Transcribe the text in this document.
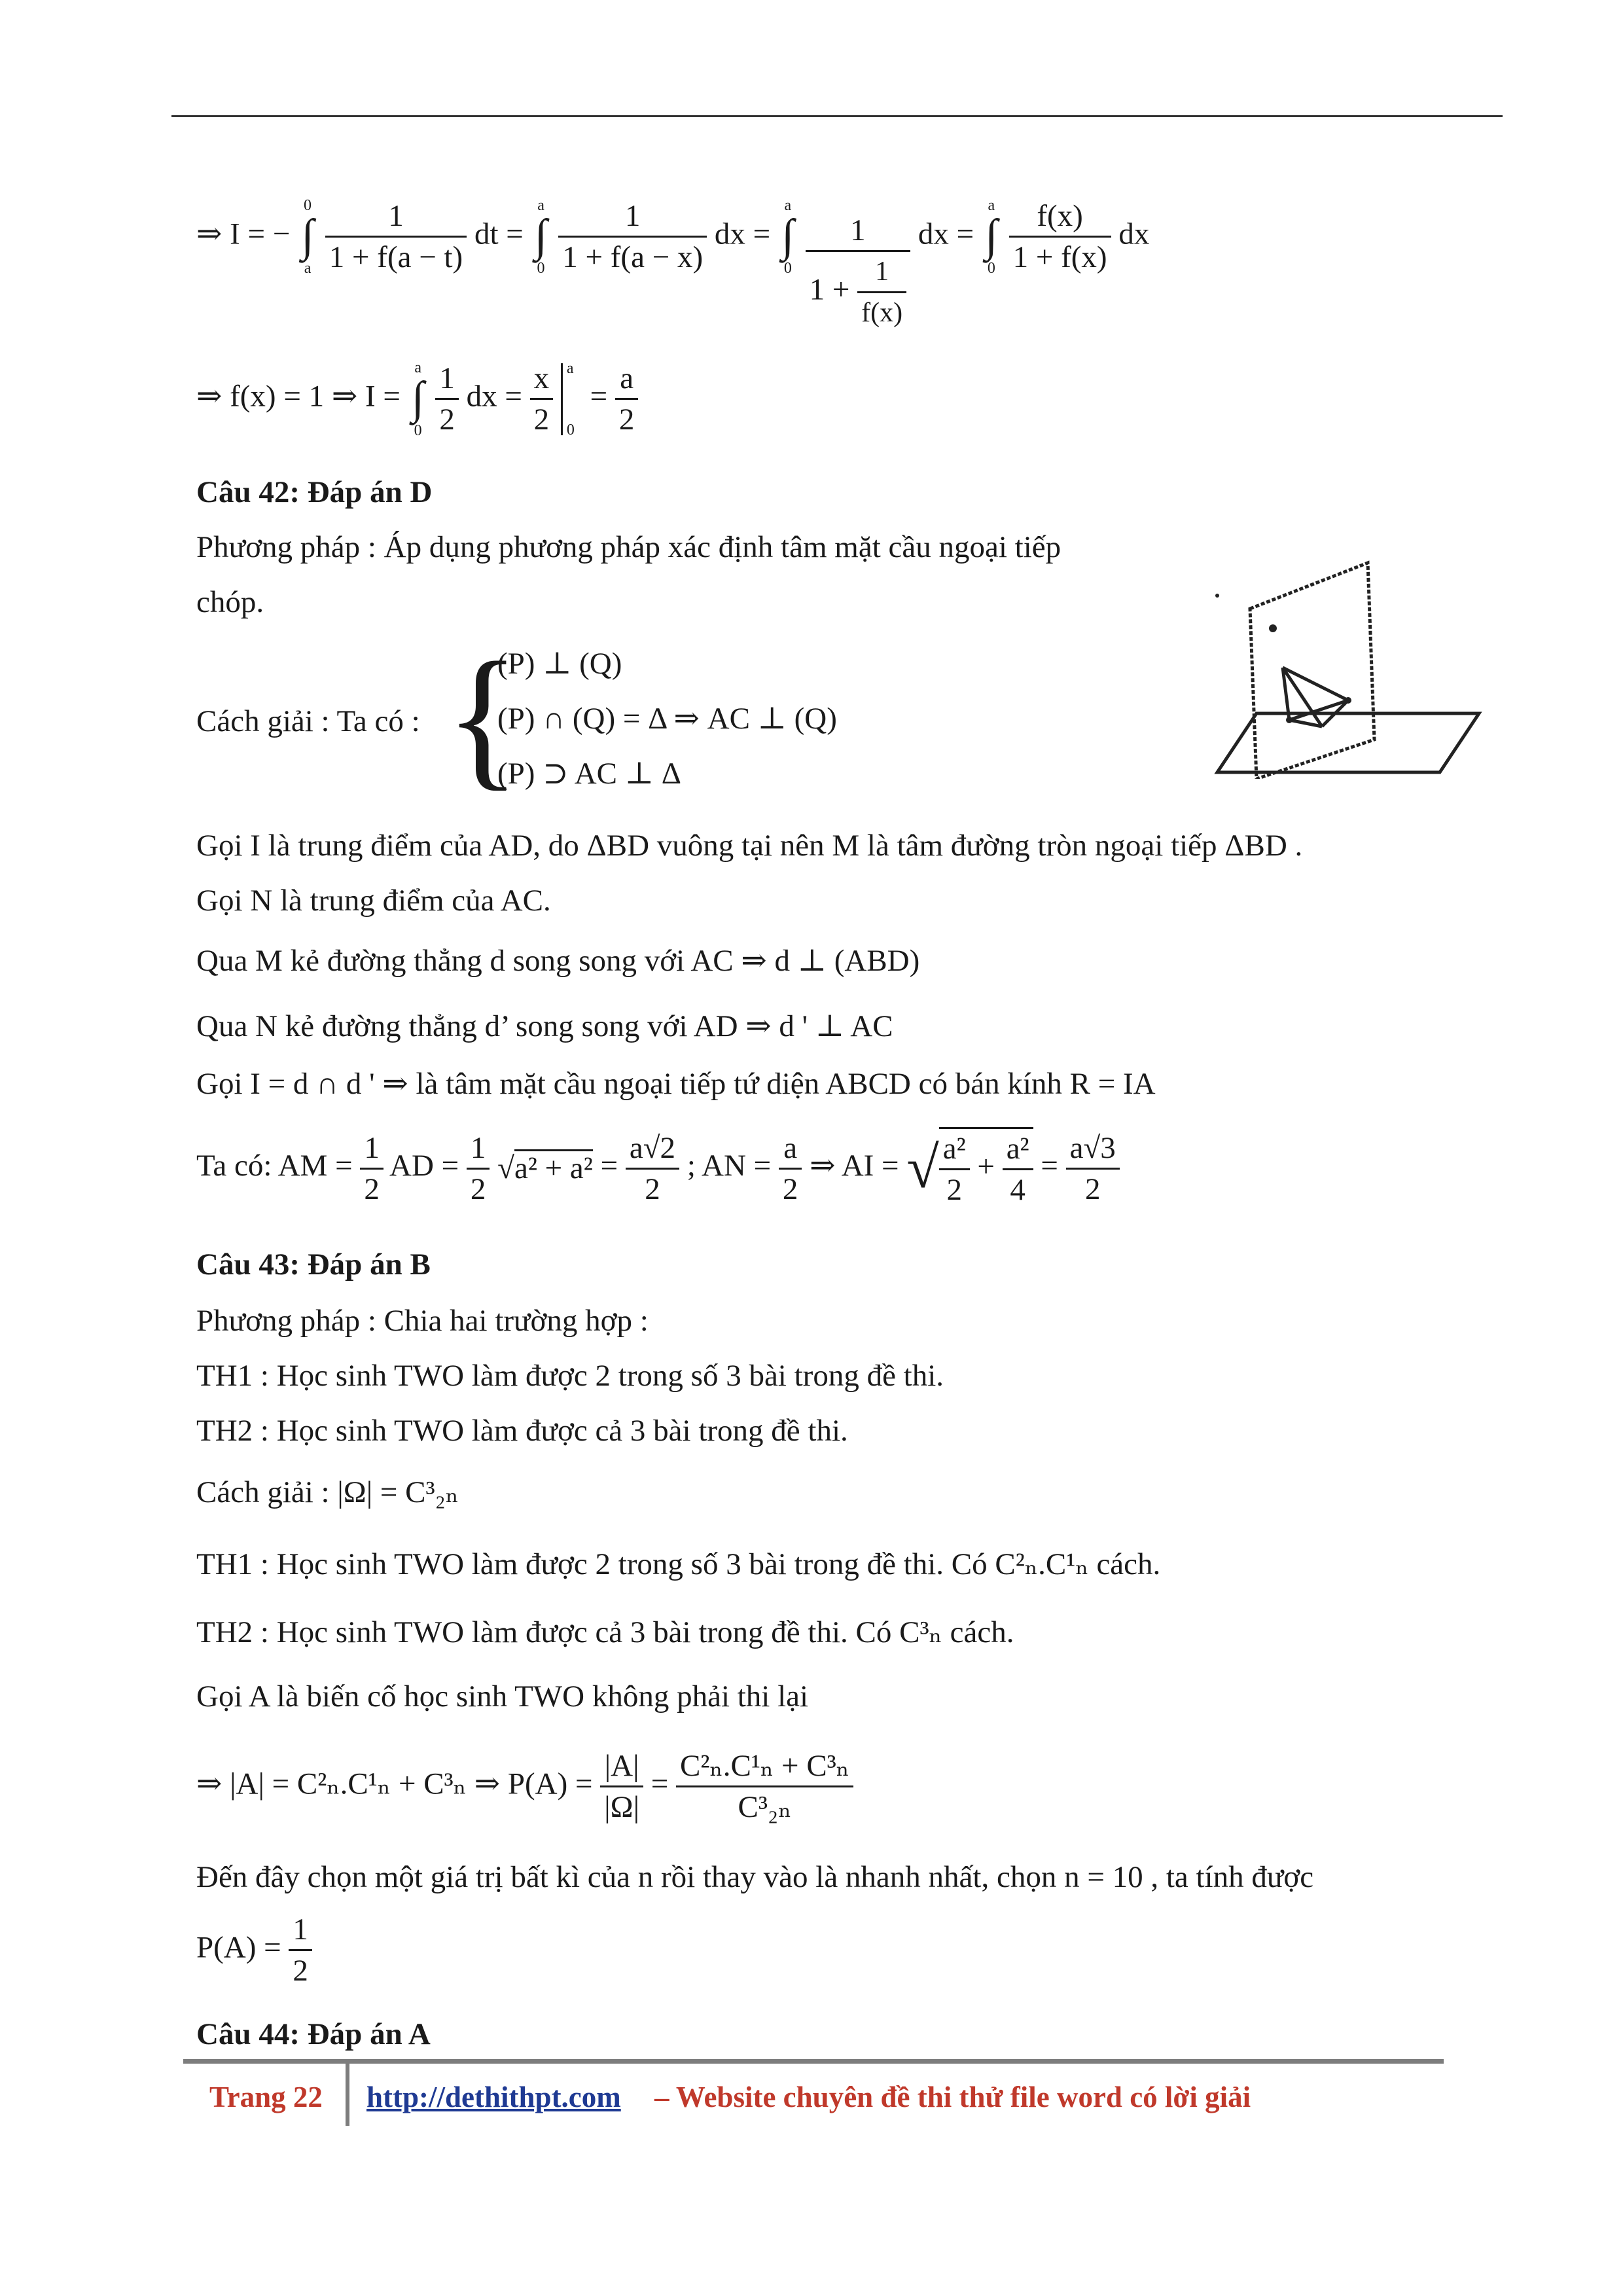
⇒ I = −
0
∫
a
$\frac{1}{1 + f(a - t)}$ dt =
a
∫
0
$\frac{1}{1 + f(a - x)}$ dx =
a
∫
0
$\frac{1}{1 + \frac{1}{f(x)}}$ dx =
a
∫
0
$\frac{f(x)}{1 + f(x)}$ dx
⇒ f(x) = 1 ⇒ I =
a
∫
0
$\frac{1}{2}$ dx = $\frac{x}{2}$
a
0
= $\frac{a}{2}$
Câu 42: Đáp án D
Phương pháp : Áp dụng phương pháp xác định tâm mặt cầu ngoại tiếp
chóp.
Cách giải : Ta có : {
(P) ⊥ (Q)
(P) ∩ (Q) = Δ ⇒ AC ⊥ (Q)
(P) ⊃ AC ⊥ Δ
Gọi I là trung điểm của AD, do ΔBD vuông tại nên M là tâm đường tròn ngoại tiếp ΔBD .
Gọi N là trung điểm của AC.
Qua M kẻ đường thẳng d song song với AC ⇒ d ⊥ (ABD)
Qua N kẻ đường thẳng d’ song song với AD ⇒ d ' ⊥ AC
Gọi I = d ∩ d ' ⇒ là tâm mặt cầu ngoại tiếp tứ diện ABCD có bán kính R = IA
Ta có: AM = $\frac{1}{2}$ AD = $\frac{1}{2} √a^2 + a^2 = \frac{a√2}{2}$ ; AN = $\frac{a}{2}$ ⇒ AI = √ $\frac{\text{a²}}{2} + \frac{\text{a²}}{4} = \frac{a√3}{2}$
Câu 43: Đáp án B
Phương pháp : Chia hai trường hợp :
TH1 : Học sinh TWO làm được 2 trong số 3 bài trong đề thi.
TH2 : Học sinh TWO làm được cả 3 bài trong đề thi.
Cách giải : |Ω| = C³₂ₙ
TH1 : Học sinh TWO làm được 2 trong số 3 bài trong đề thi. Có C²ₙ.C¹ₙ cách.
TH2 : Học sinh TWO làm được cả 3 bài trong đề thi. Có C³ₙ cách.
Gọi A là biến cố học sinh TWO không phải thi lại
⇒ |A| = C²ₙ.C¹ₙ + C³ₙ ⇒ $P(A) = \frac{|A|}{|\Omega|} = \frac{\text{C²ₙ.C¹ₙ + C³ₙ}}{\text{C³₂ₙ}}$
Đến đây chọn một giá trị bất kì của n rồi thay vào là nhanh nhất, chọn n = 10 , ta tính được
$P(A) = \frac{1}{2}$
Câu 44: Đáp án A
Trang 22 http://dethithpt.com – Website chuyên đề thi thử file word có lời giải
